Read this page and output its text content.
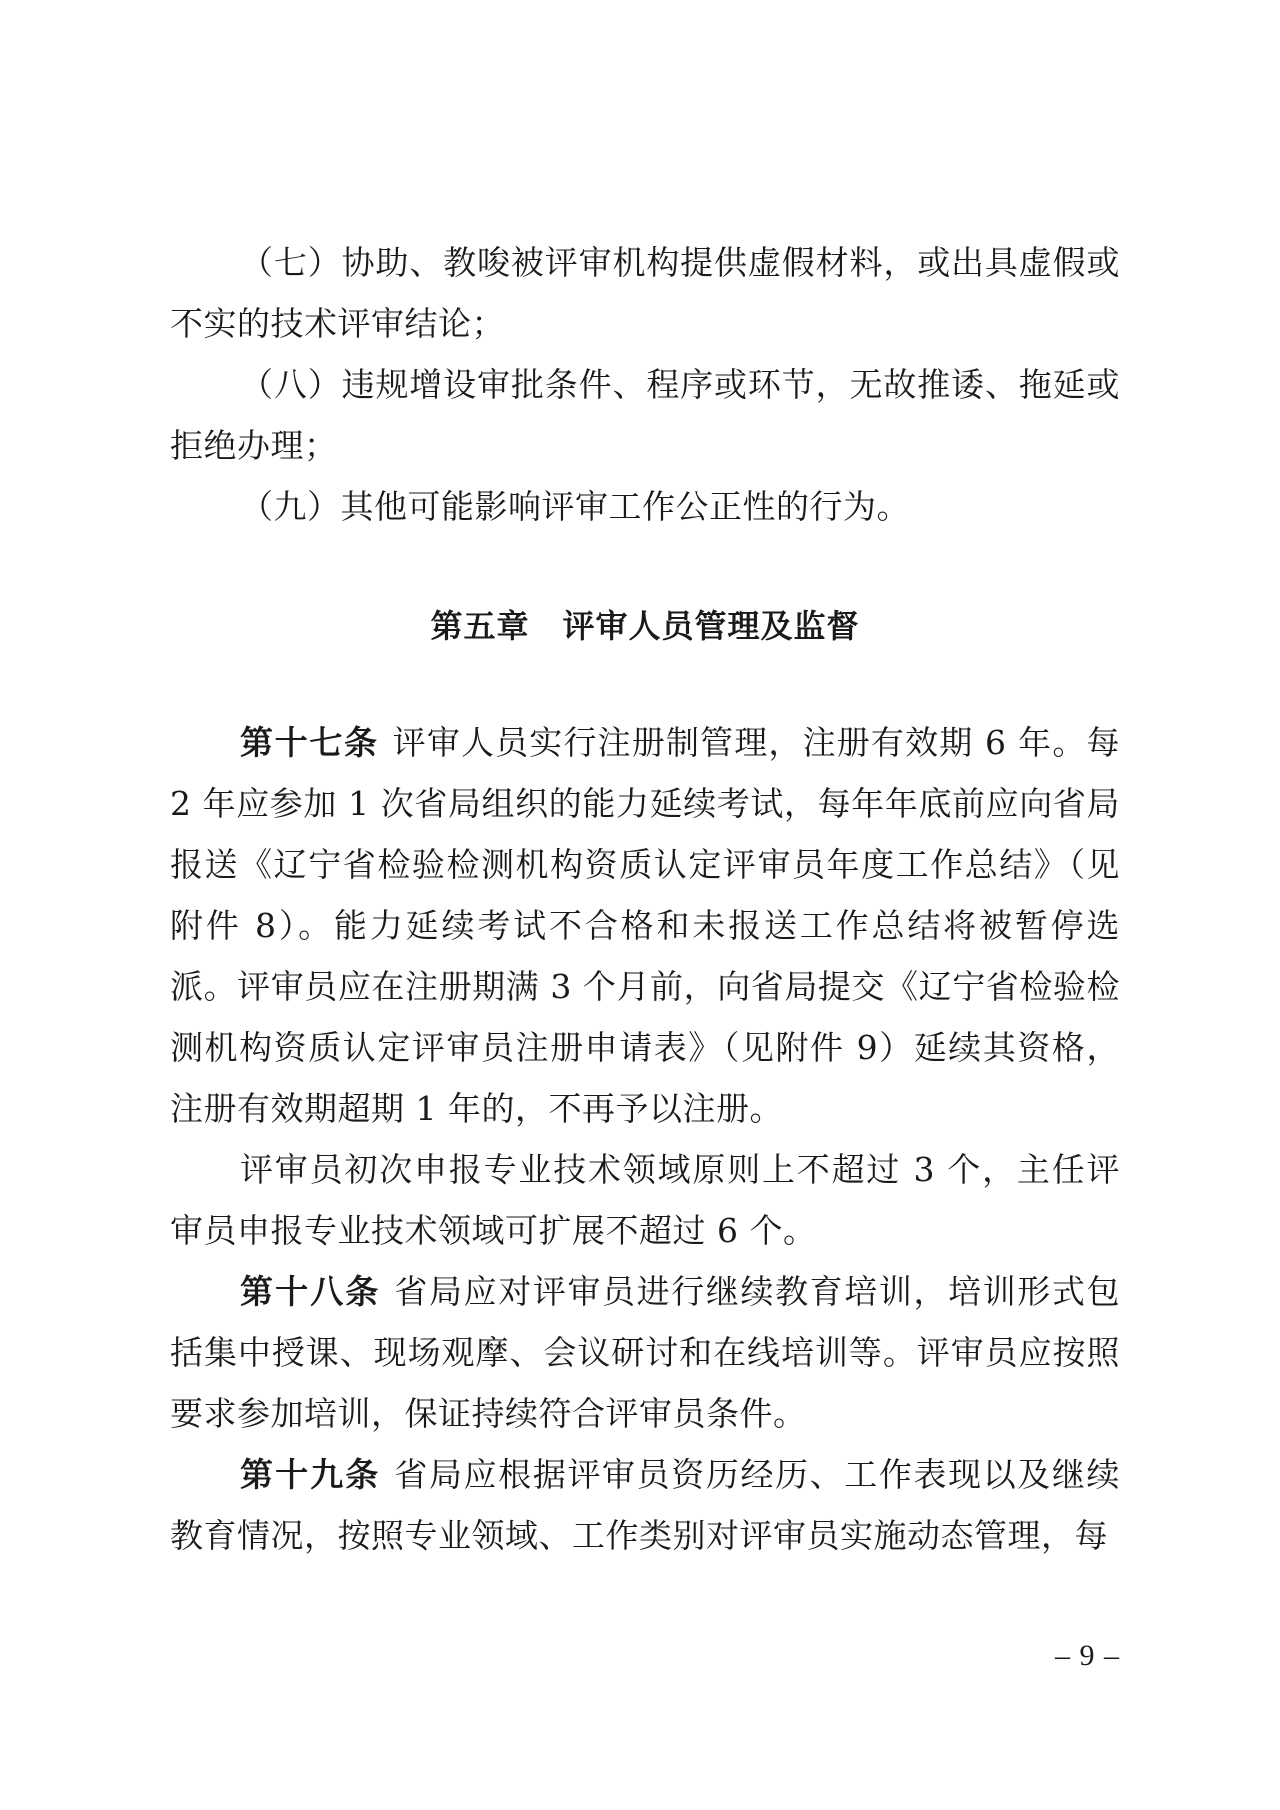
（七）协助、教唆被评审机构提供虚假材料，或出具虚假或不实的技术评审结论；

（八）违规增设审批条件、程序或环节，无故推诿、拖延或拒绝办理；

（九）其他可能影响评审工作公正性的行为。

第五章　评审人员管理及监督

第十七条 评审人员实行注册制管理，注册有效期 6 年。每 2 年应参加 1 次省局组织的能力延续考试，每年年底前应向省局报送《辽宁省检验检测机构资质认定评审员年度工作总结》（见附件 8）。能力延续考试不合格和未报送工作总结将被暂停选派。评审员应在注册期满 3 个月前，向省局提交《辽宁省检验检测机构资质认定评审员注册申请表》（见附件 9）延续其资格，注册有效期超期 1 年的，不再予以注册。

评审员初次申报专业技术领域原则上不超过 3 个，主任评审员申报专业技术领域可扩展不超过 6 个。

第十八条 省局应对评审员进行继续教育培训，培训形式包括集中授课、现场观摩、会议研讨和在线培训等。评审员应按照要求参加培训，保证持续符合评审员条件。

第十九条 省局应根据评审员资历经历、工作表现以及继续教育情况，按照专业领域、工作类别对评审员实施动态管理，每

– 9 –
